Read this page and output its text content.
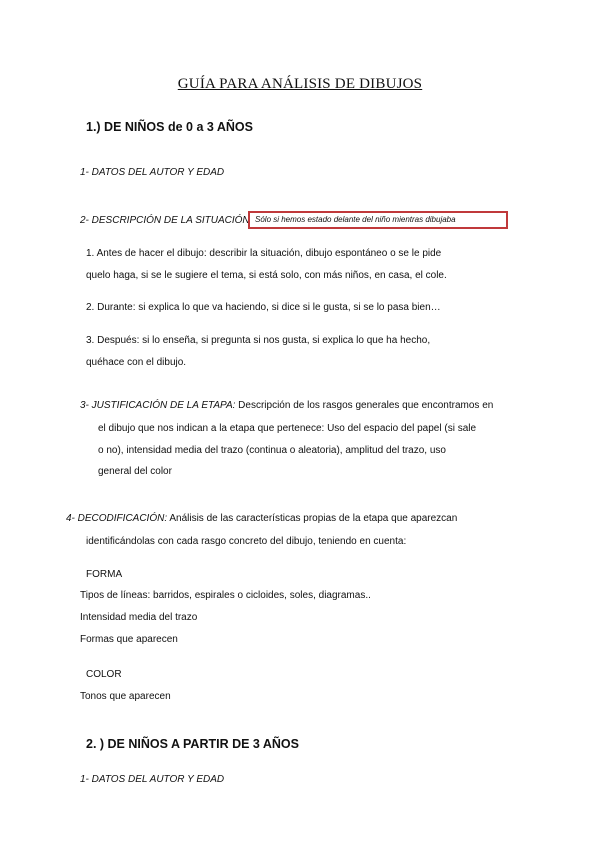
GUÍA PARA ANÁLISIS DE DIBUJOS
1.) DE NIÑOS de 0 a 3 AÑOS
1- DATOS DEL AUTOR Y EDAD
2- DESCRIPCIÓN DE LA SITUACIÓN Sólo si hemos estado delante del niño mientras dibujaba
1. Antes de hacer el dibujo: describir la situación, dibujo espontáneo o se le pide
quelo haga, si se le sugiere el tema, si está solo, con más niños, en casa, el cole.
2. Durante: si explica lo que va haciendo, si dice si le gusta, si se lo pasa bien…
3. Después: si lo enseña, si pregunta si nos gusta, si explica lo que ha hecho,
quéhace con el dibujo.
3- JUSTIFICACIÓN DE LA ETAPA: Descripción de los rasgos generales que encontramos en
el dibujo que nos indican a la etapa que pertenece: Uso del espacio del papel (si sale
o no), intensidad media del trazo (continua o aleatoria), amplitud del trazo, uso
general del color
4- DECODIFICACIÓN: Análisis de las características propias de la etapa que aparezcan
identificándolas con cada rasgo concreto del dibujo, teniendo en cuenta:
FORMA
Tipos de líneas: barridos, espirales o cicloides, soles, diagramas..
Intensidad media del trazo
Formas que aparecen
COLOR
Tonos que aparecen
2. ) DE NIÑOS A PARTIR DE 3 AÑOS
1- DATOS DEL AUTOR Y EDAD
